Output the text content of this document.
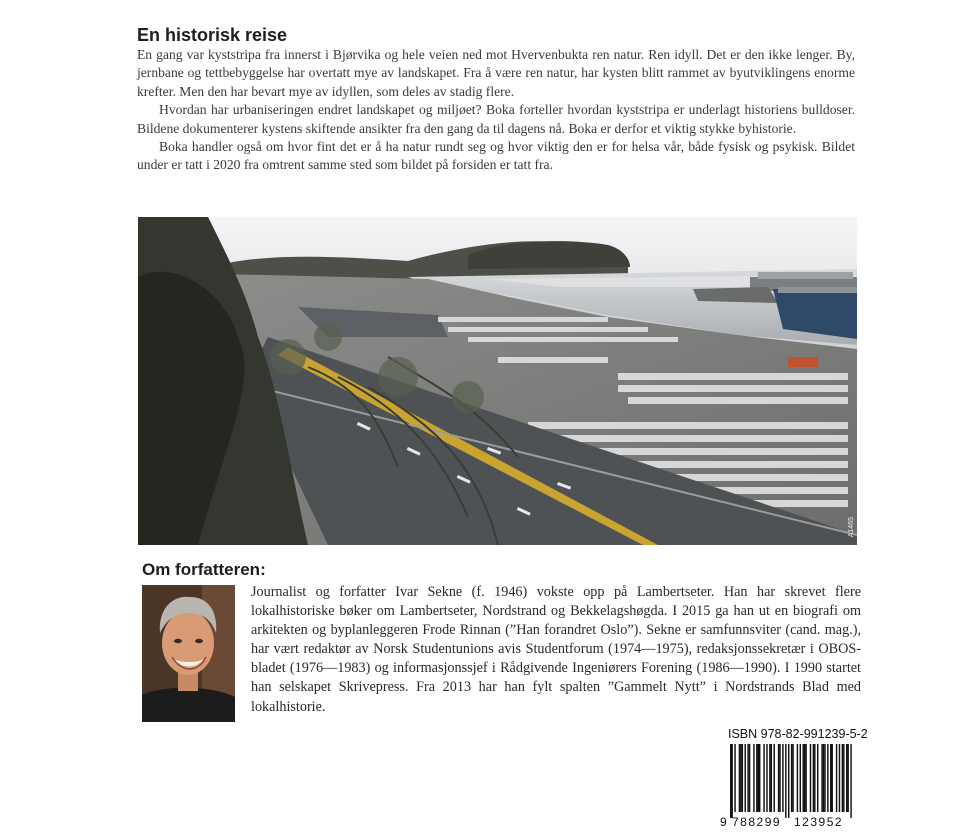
En historisk reise

En gang var kyststripa fra innerst i Bjørvika og hele veien ned mot Hvervenbukta ren natur. Ren idyll. Det er den ikke lenger. By, jernbane og tettbebyggelse har overtatt mye av landskapet. Fra å være ren natur, har kysten blitt rammet av byutviklingens enorme krefter. Men den har bevart mye av idyllen, som deles av stadig flere.

Hvordan har urbaniseringen endret landskapet og miljøet? Boka forteller hvordan kyststripa er underlagt historiens bulldoser. Bildene dokumenterer kystens skiftende ansikter fra den gang da til dagens nå. Boka er derfor et viktig stykke byhistorie.

Boka handler også om hvor fint det er å ha natur rundt seg og hvor viktig den er for helsa vår, både fysisk og psykisk. Bildet under er tatt i 2020 fra omtrent samme sted som bildet på forsiden er tatt fra.

A1465
Om forfatteren:

Journalist og forfatter Ivar Sekne (f. 1946) vokste opp på Lambertseter. Han har skrevet flere lokalhistoriske bøker om Lambertseter, Nordstrand og Bekkelagshøgda. I 2015 ga han ut en biografi om arkitekten og byplanleggeren Frode Rinnan (”Han forandret Oslo”). Sekne er samfunnsviter (cand. mag.), har vært redaktør av Norsk Studentunions avis Studentforum (1974—1975), redaksjonssekretær i OBOS-bladet (1976—1983) og informasjonssjef i Rådgivende Ingeniørers Forening (1986—1990). I 1990 startet han selskapet Skrivepress. Fra 2013 har han fylt spalten ”Gammelt Nytt” i Nordstrands Blad med lokalhistorie.

ISBN 978-82-991239-5-2
9 788299 123952
